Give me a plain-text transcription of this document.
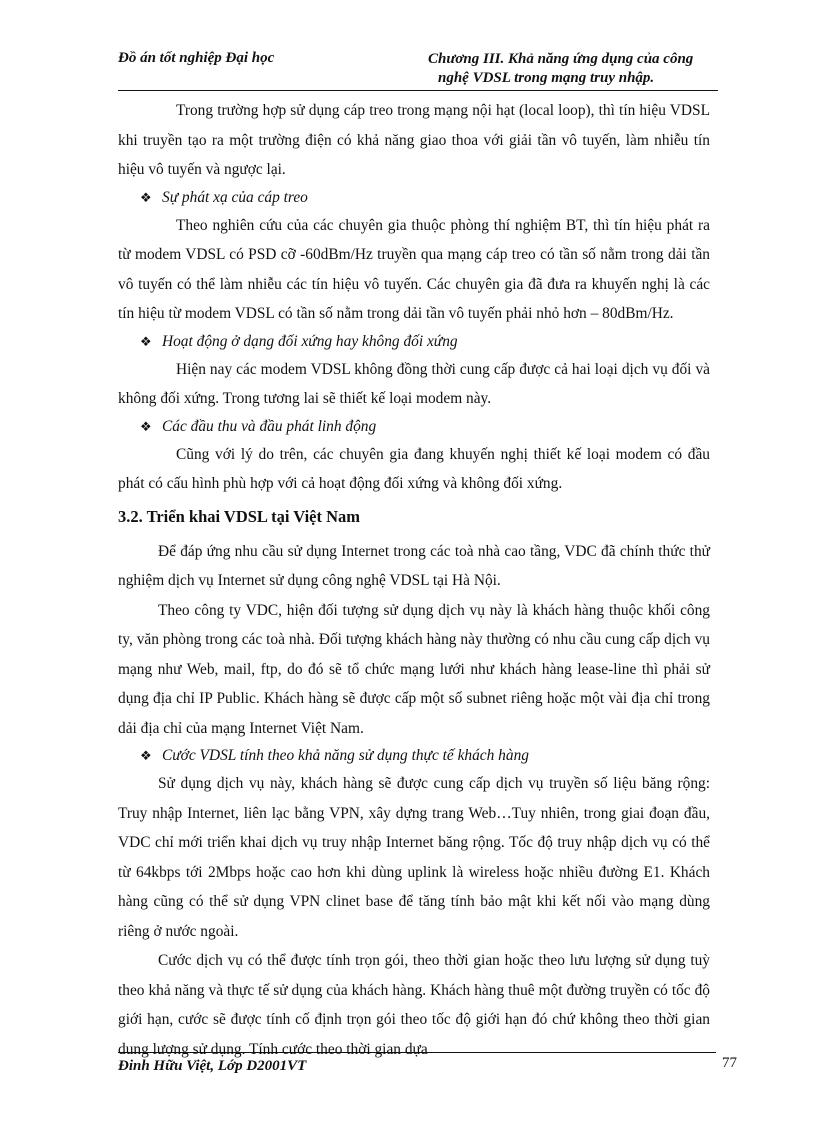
Đồ án tốt nghiệp Đại học	Chương III. Khả năng ứng dụng của công
nghệ VDSL trong mạng truy nhập.

Trong trường hợp sử dụng cáp treo trong mạng nội hạt (local loop), thì tín hiệu VDSL khi truyền tạo ra một trường điện có khả năng giao thoa với giải tần vô tuyến, làm nhiễu tín hiệu vô tuyến và ngược lại.

❖ Sự phát xạ của cáp treo

Theo nghiên cứu của các chuyên gia thuộc phòng thí nghiệm BT, thì tín hiệu phát ra từ modem VDSL có PSD cỡ -60dBm/Hz truyền qua mạng cáp treo có tần số nằm trong dải tần vô tuyến có thể làm nhiễu các tín hiệu vô tuyến. Các chuyên gia đã đưa ra khuyến nghị là các tín hiệu từ modem VDSL có tần số nằm trong dải tần vô tuyến phải nhỏ hơn – 80dBm/Hz.

❖ Hoạt động ở dạng đối xứng hay không đối xứng

Hiện nay các modem VDSL không đồng thời cung cấp được cả hai loại dịch vụ đối và không đối xứng. Trong tương lai sẽ thiết kế loại modem này.

❖ Các đầu thu và đầu phát linh động

Cũng với lý do trên, các chuyên gia đang khuyến nghị thiết kế loại modem có đầu phát có cấu hình phù hợp với cả hoạt động đối xứng và không đối xứng.

3.2. Triển khai VDSL tại Việt Nam

Để đáp ứng nhu cầu sử dụng Internet trong các toà nhà cao tầng, VDC đã chính thức thử nghiệm dịch vụ Internet sử dụng công nghệ VDSL tại Hà Nội.

Theo công ty VDC, hiện đối tượng sử dụng dịch vụ này là khách hàng thuộc khối công ty, văn phòng trong các toà nhà. Đối tượng khách hàng này thường có nhu cầu cung cấp dịch vụ mạng như Web, mail, ftp, do đó sẽ tổ chức mạng lưới như khách hàng lease-line thì phải sử dụng địa chỉ IP Public. Khách hàng sẽ được cấp một số subnet riêng hoặc một vài địa chỉ trong dải địa chỉ của mạng Internet Việt Nam.

❖ Cước VDSL tính theo khả năng sử dụng thực tế khách hàng

Sử dụng dịch vụ này, khách hàng sẽ được cung cấp dịch vụ truyền số liệu băng rộng: Truy nhập Internet, liên lạc bằng VPN, xây dựng trang Web…Tuy nhiên, trong giai đoạn đầu, VDC chỉ mới triển khai dịch vụ truy nhập Internet băng rộng. Tốc độ truy nhập dịch vụ có thể từ 64kbps tới 2Mbps hoặc cao hơn khi dùng uplink là wireless hoặc nhiều đường E1. Khách hàng cũng có thể sử dụng VPN clinet base để tăng tính bảo mật khi kết nối vào mạng dùng riêng ở nước ngoài.

Cước dịch vụ có thể được tính trọn gói, theo thời gian hoặc theo lưu lượng sử dụng tuỳ theo khả năng và thực tế sử dụng của khách hàng. Khách hàng thuê một đường truyền có tốc độ giới hạn, cước sẽ được tính cố định trọn gói theo tốc độ giới hạn đó chứ không theo thời gian dung lượng sử dụng. Tính cước theo thời gian dựa

Đinh Hữu Việt, Lớp D2001VT	77
